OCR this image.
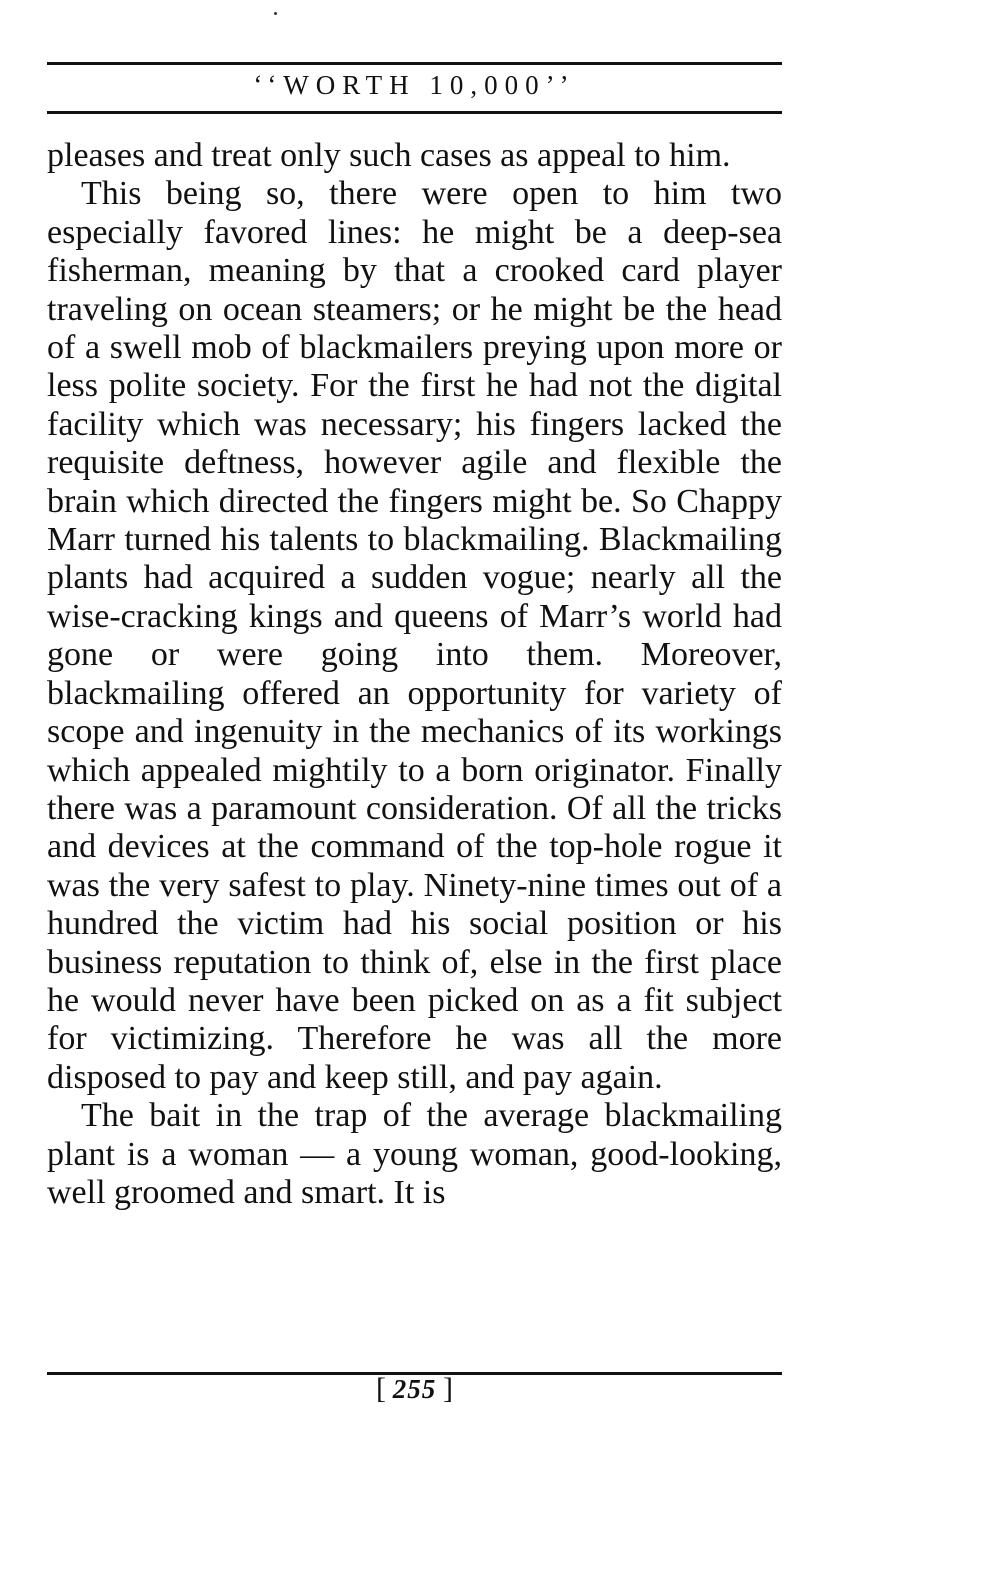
‘‘WORTH 10,000’’

pleases and treat only such cases as appeal to him.

This being so, there were open to him two especially favored lines: he might be a deep-sea fisherman, meaning by that a crooked card player traveling on ocean steamers; or he might be the head of a swell mob of blackmailers preying upon more or less polite society. For the first he had not the digital facility which was necessary; his fingers lacked the requisite deftness, however agile and flexible the brain which directed the fingers might be. So Chappy Marr turned his talents to blackmailing. Blackmailing plants had acquired a sudden vogue; nearly all the wise-cracking kings and queens of Marr’s world had gone or were going into them. Moreover, blackmailing offered an opportunity for variety of scope and ingenuity in the mechanics of its workings which appealed mightily to a born originator. Finally there was a paramount consideration. Of all the tricks and devices at the command of the top-hole rogue it was the very safest to play. Ninety-nine times out of a hundred the victim had his social position or his business reputation to think of, else in the first place he would never have been picked on as a fit subject for victimizing. Therefore he was all the more disposed to pay and keep still, and pay again.

The bait in the trap of the average blackmailing plant is a woman — a young woman, good-looking, well groomed and smart. It is

[ 255 ]
